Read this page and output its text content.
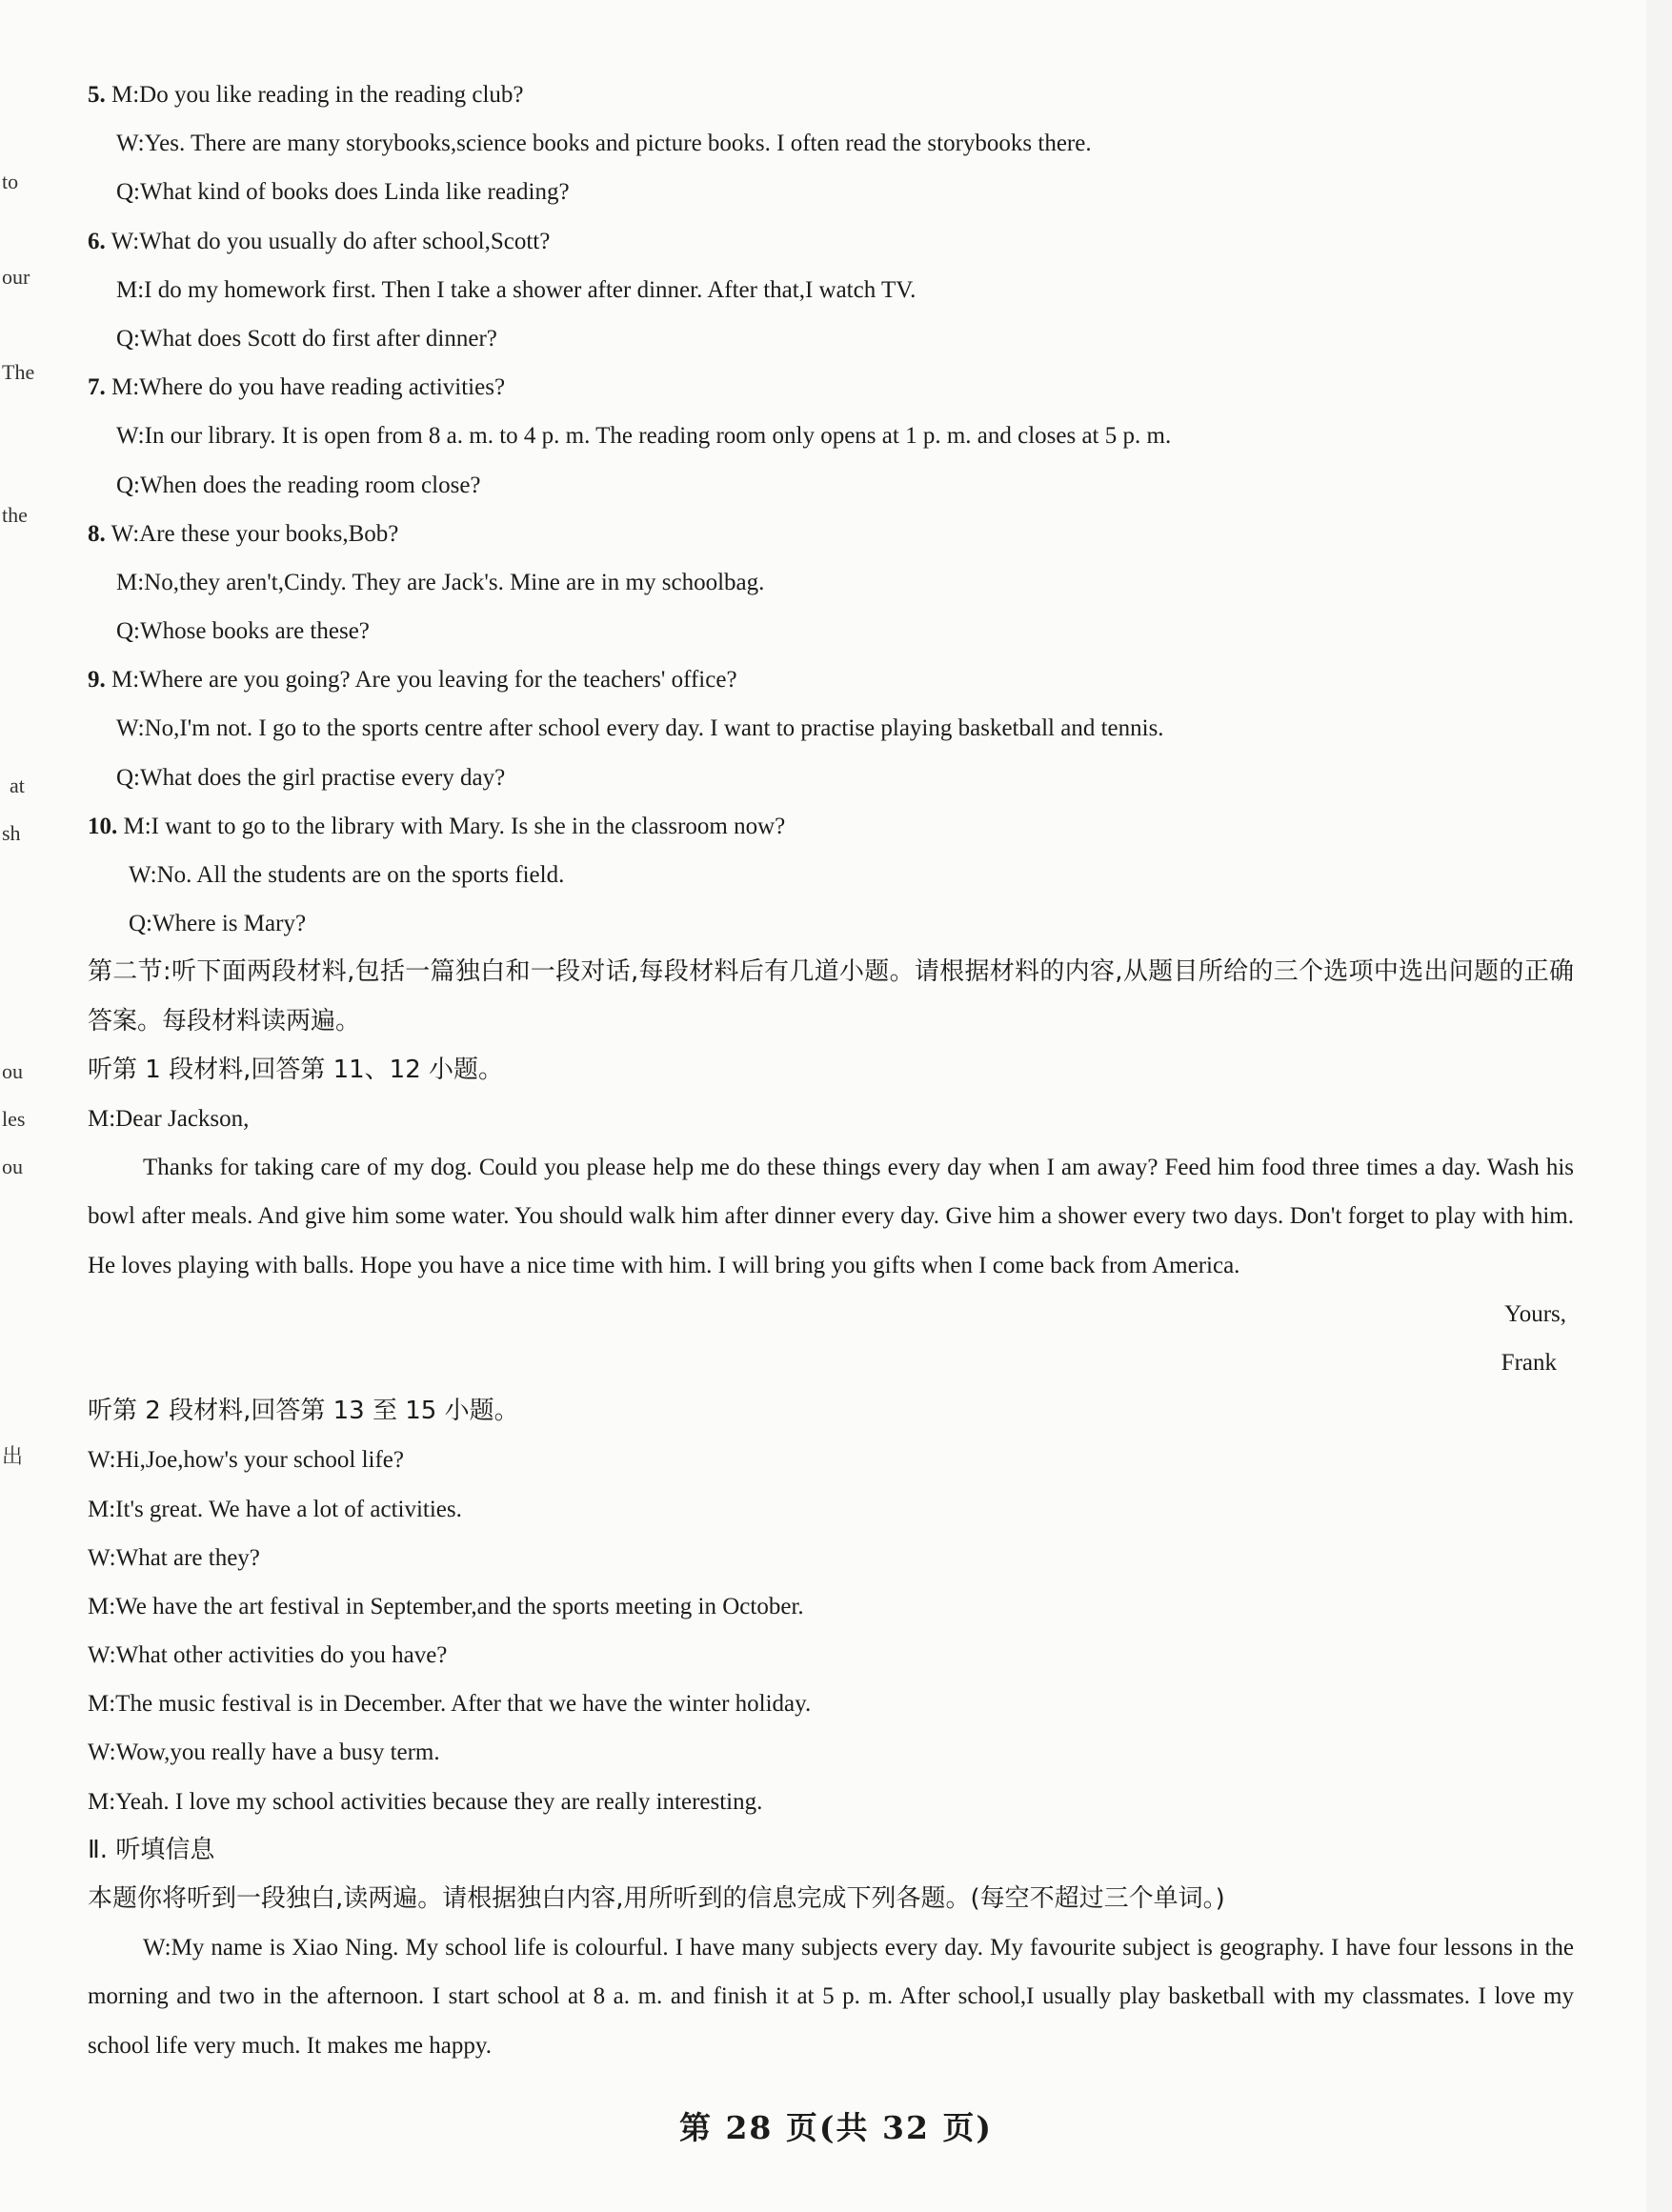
to
our
The
the
at
sh
ou
les
ou
出
5. M:Do you like reading in the reading club?
W:Yes. There are many storybooks,science books and picture books. I often read the storybooks there.
Q:What kind of books does Linda like reading?
6. W:What do you usually do after school,Scott?
M:I do my homework first. Then I take a shower after dinner. After that,I watch TV.
Q:What does Scott do first after dinner?
7. M:Where do you have reading activities?
W:In our library. It is open from 8 a. m. to 4 p. m. The reading room only opens at 1 p. m. and closes at 5 p. m.
Q:When does the reading room close?
8. W:Are these your books,Bob?
M:No,they aren't,Cindy. They are Jack's. Mine are in my schoolbag.
Q:Whose books are these?
9. M:Where are you going? Are you leaving for the teachers' office?
W:No,I'm not. I go to the sports centre after school every day. I want to practise playing basketball and tennis.
Q:What does the girl practise every day?
10. M:I want to go to the library with Mary. Is she in the classroom now?
W:No. All the students are on the sports field.
Q:Where is Mary?
第二节:听下面两段材料,包括一篇独白和一段对话,每段材料后有几道小题。请根据材料的内容,从题目所给的三个选项中选出问题的正确答案。每段材料读两遍。
听第 1 段材料,回答第 11、12 小题。
M:Dear Jackson,
Thanks for taking care of my dog. Could you please help me do these things every day when I am away? Feed him food three times a day. Wash his bowl after meals. And give him some water. You should walk him after dinner every day. Give him a shower every two days. Don't forget to play with him. He loves playing with balls. Hope you have a nice time with him. I will bring you gifts when I come back from America.
Yours,
Frank
听第 2 段材料,回答第 13 至 15 小题。
W:Hi,Joe,how's your school life?
M:It's great. We have a lot of activities.
W:What are they?
M:We have the art festival in September,and the sports meeting in October.
W:What other activities do you have?
M:The music festival is in December. After that we have the winter holiday.
W:Wow,you really have a busy term.
M:Yeah. I love my school activities because they are really interesting.
Ⅱ. 听填信息
本题你将听到一段独白,读两遍。请根据独白内容,用所听到的信息完成下列各题。(每空不超过三个单词。)
W:My name is Xiao Ning. My school life is colourful. I have many subjects every day. My favourite subject is geography. I have four lessons in the morning and two in the afternoon. I start school at 8 a. m. and finish it at 5 p. m. After school,I usually play basketball with my classmates. I love my school life very much. It makes me happy.
第 28 页(共 32 页)
